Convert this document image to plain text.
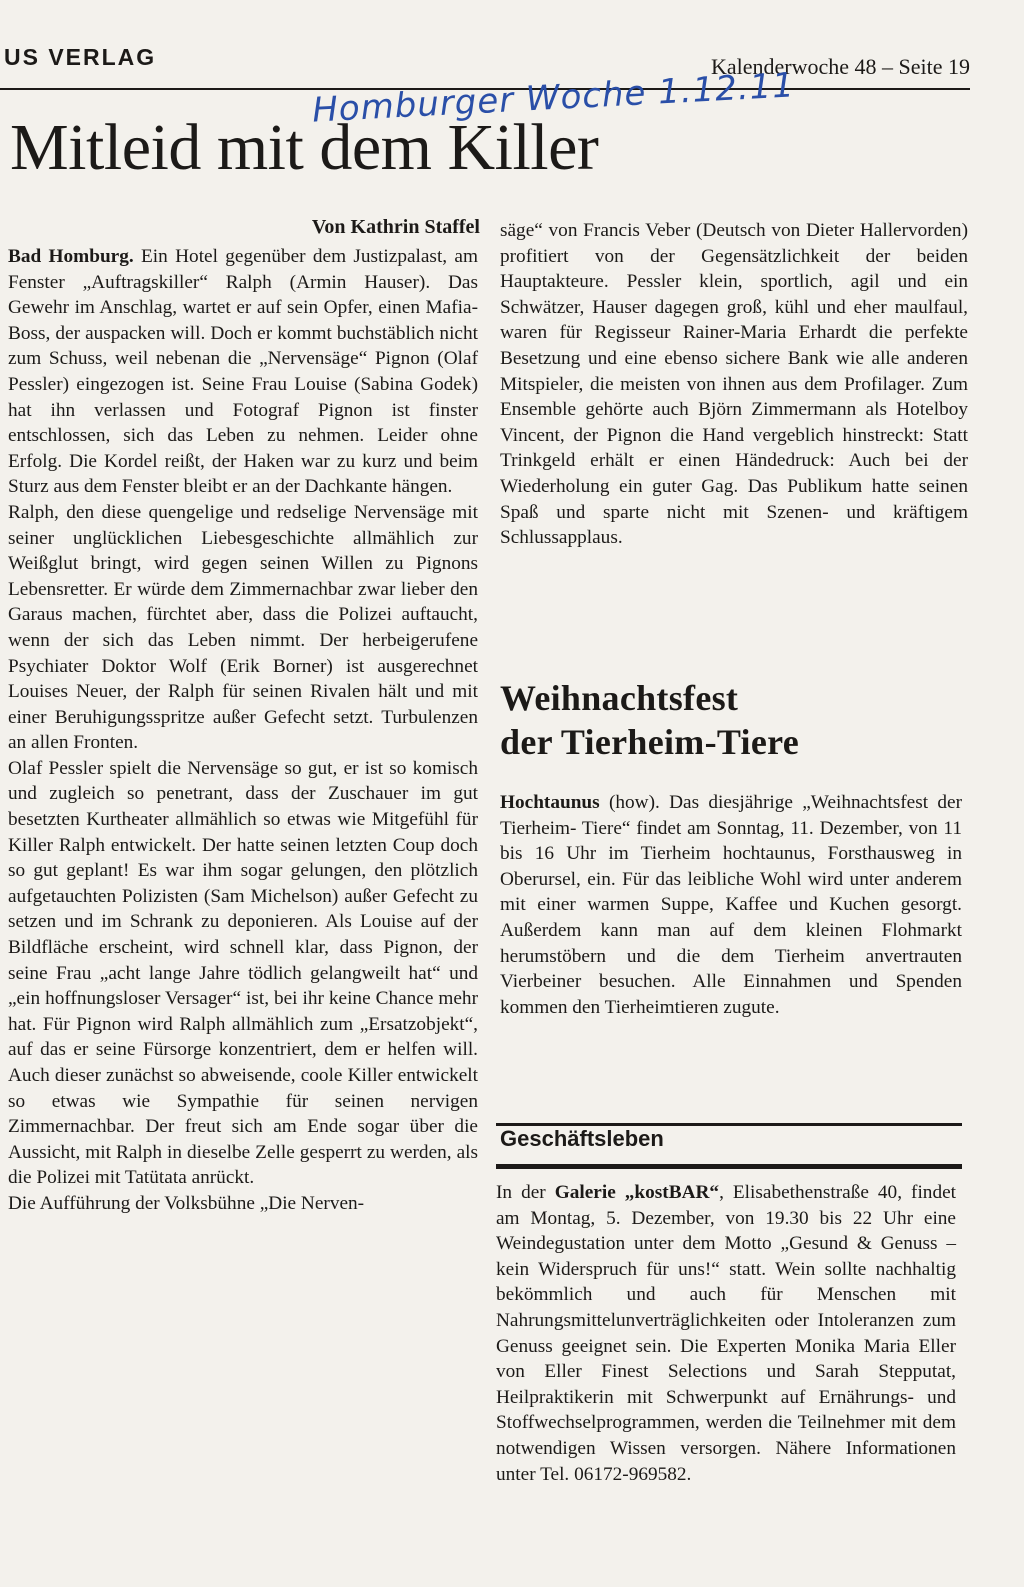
US VERLAG	Kalenderwoche 48 – Seite 19
Homburger Woche 1.12.11
Mitleid mit dem Killer
Von Kathrin Staffel

Bad Homburg. Ein Hotel gegenüber dem Justizpalast, am Fenster „Auftragskiller“ Ralph (Armin Hauser). Das Gewehr im Anschlag, wartet er auf sein Opfer, einen Mafia-Boss, der auspacken will. Doch er kommt buchstäblich nicht zum Schuss, weil nebenan die „Nervensäge“ Pignon (Olaf Pessler) eingezogen ist. Seine Frau Louise (Sabina Godek) hat ihn verlassen und Fotograf Pignon ist finster entschlossen, sich das Leben zu nehmen. Leider ohne Erfolg. Die Kordel reißt, der Haken war zu kurz und beim Sturz aus dem Fenster bleibt er an der Dachkante hängen.

Ralph, den diese quengelige und redselige Nervensäge mit seiner unglücklichen Liebesgeschichte allmählich zur Weißglut bringt, wird gegen seinen Willen zu Pignons Lebensretter. Er würde dem Zimmernachbar zwar lieber den Garaus machen, fürchtet aber, dass die Polizei auftaucht, wenn der sich das Leben nimmt. Der herbeigerufene Psychiater Doktor Wolf (Erik Borner) ist ausgerechnet Louises Neuer, der Ralph für seinen Rivalen hält und mit einer Beruhigungsspritze außer Gefecht setzt. Turbulenzen an allen Fronten.

Olaf Pessler spielt die Nervensäge so gut, er ist so komisch und zugleich so penetrant, dass der Zuschauer im gut besetzten Kurtheater allmählich so etwas wie Mitgefühl für Killer Ralph entwickelt. Der hatte seinen letzten Coup doch so gut geplant! Es war ihm sogar gelungen, den plötzlich aufgetauchten Polizisten (Sam Michelson) außer Gefecht zu setzen und im Schrank zu deponieren. Als Louise auf der Bildfläche erscheint, wird schnell klar, dass Pignon, der seine Frau „acht lange Jahre tödlich gelangweilt hat“ und „ein hoffnungsloser Versager“ ist, bei ihr keine Chance mehr hat. Für Pignon wird Ralph allmählich zum „Ersatzobjekt“, auf das er seine Fürsorge konzentriert, dem er helfen will. Auch dieser zunächst so abweisende, coole Killer entwickelt so etwas wie Sympathie für seinen nervigen Zimmernachbar. Der freut sich am Ende sogar über die Aussicht, mit Ralph in dieselbe Zelle gesperrt zu werden, als die Polizei mit Tatütata anrückt.

Die Aufführung der Volksbühne „Die Nerven-

säge“ von Francis Veber (Deutsch von Dieter Hallervorden) profitiert von der Gegensätzlichkeit der beiden Hauptakteure. Pessler klein, sportlich, agil und ein Schwätzer, Hauser dagegen groß, kühl und eher maulfaul, waren für Regisseur Rainer-Maria Erhardt die perfekte Besetzung und eine ebenso sichere Bank wie alle anderen Mitspieler, die meisten von ihnen aus dem Profilager. Zum Ensemble gehörte auch Björn Zimmermann als Hotelboy Vincent, der Pignon die Hand vergeblich hinstreckt: Statt Trinkgeld erhält er einen Händedruck: Auch bei der Wiederholung ein guter Gag. Das Publikum hatte seinen Spaß und sparte nicht mit Szenen- und kräftigem Schlussapplaus.

Weihnachtsfest
der Tierheim-Tiere

Hochtaunus (how). Das diesjährige „Weihnachtsfest der Tierheim- Tiere“ findet am Sonntag, 11. Dezember, von 11 bis 16 Uhr im Tierheim hochtaunus, Forsthausweg in Oberursel, ein. Für das leibliche Wohl wird unter anderem mit einer warmen Suppe, Kaffee und Kuchen gesorgt. Außerdem kann man auf dem kleinen Flohmarkt herumstöbern und die dem Tierheim anvertrauten Vierbeiner besuchen. Alle Einnahmen und Spenden kommen den Tierheimtieren zugute.

Geschäftsleben

In der Galerie „kostBAR“, Elisabethenstraße 40, findet am Montag, 5. Dezember, von 19.30 bis 22 Uhr eine Weindegustation unter dem Motto „Gesund & Genuss – kein Widerspruch für uns!“ statt. Wein sollte nachhaltig bekömmlich und auch für Menschen mit Nahrungsmittelunverträglichkeiten oder Intoleranzen zum Genuss geeignet sein. Die Experten Monika Maria Eller von Eller Finest Selections und Sarah Stepputat, Heilpraktikerin mit Schwerpunkt auf Ernährungs- und Stoffwechselprogrammen, werden die Teilnehmer mit dem notwendigen Wissen versorgen. Nähere Informationen unter Tel. 06172-969582.
